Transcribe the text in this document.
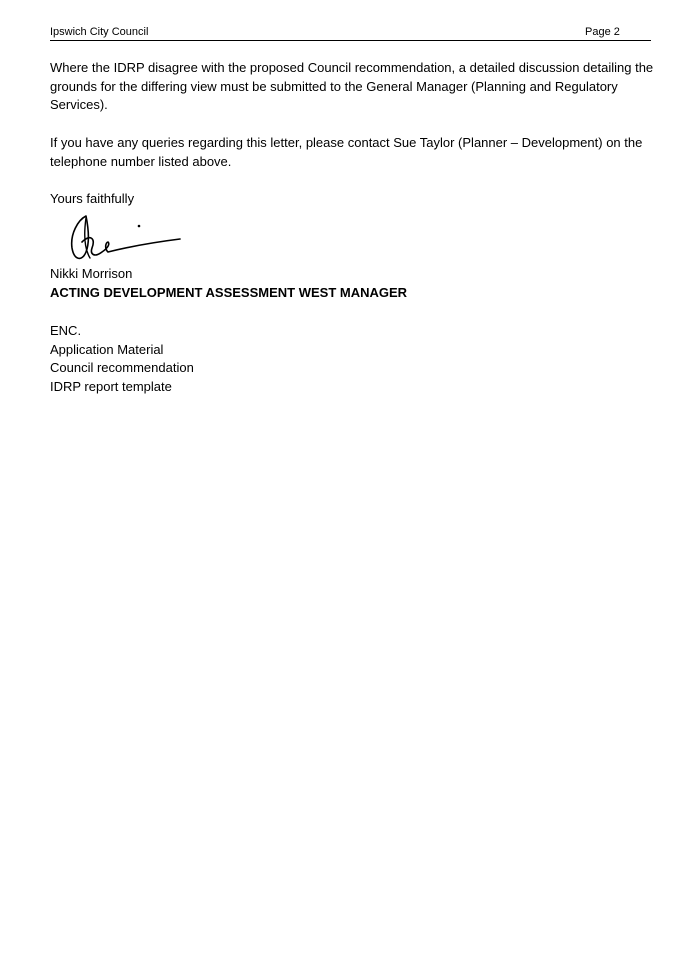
Ipswich City Council	Page 2
Where the IDRP disagree with the proposed Council recommendation, a detailed discussion detailing the grounds for the differing view must be submitted to the General Manager (Planning and Regulatory Services).
If you have any queries regarding this letter, please contact Sue Taylor (Planner – Development) on the telephone number listed above.
Yours faithfully
Nikki Morrison
ACTING DEVELOPMENT ASSESSMENT WEST MANAGER
ENC.
Application Material
Council recommendation
IDRP report template
